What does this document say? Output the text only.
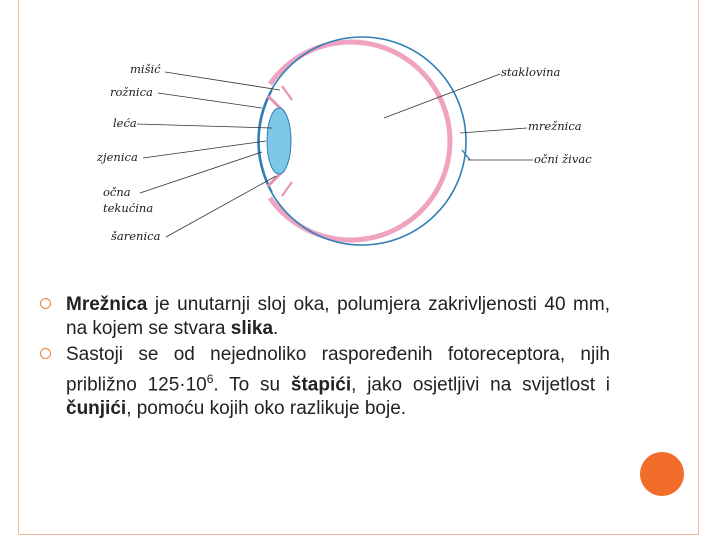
mišić
rožnica
leća
zjenica
očna
tekućina
šarenica
staklovina
mrežnica
očni živac
Mrežnica je unutarnji sloj oka, polumjera zakrivljenosti 40 mm, na kojem se stvara slika.
Sastoji se od nejednoliko raspoređenih fotoreceptora, njih približno $125\cdot 10^6$. To su štapići, jako osjetljivi na svijetlost i čunjići, pomoću kojih oko razlikuje boje.
